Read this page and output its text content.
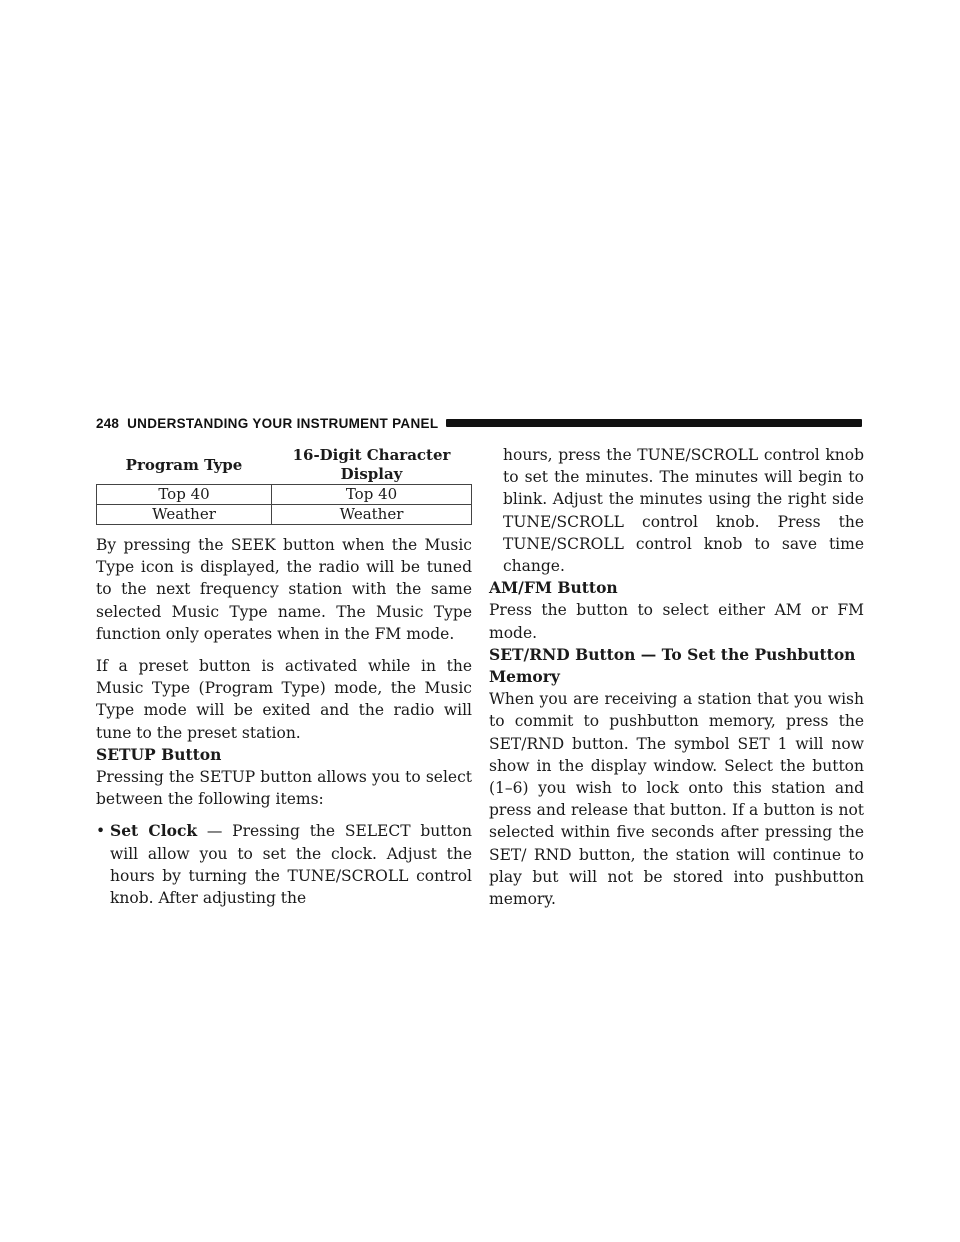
248 UNDERSTANDING YOUR INSTRUMENT PANEL
Program Type	16-Digit Character Display
Top 40	Top 40
Weather	Weather

By pressing the SEEK button when the Music Type icon is displayed, the radio will be tuned to the next frequency station with the same selected Music Type name. The Music Type function only operates when in the FM mode.

If a preset button is activated while in the Music Type (Program Type) mode, the Music Type mode will be exited and the radio will tune to the preset station.

SETUP Button

Pressing the SETUP button allows you to select between the following items:

• Set Clock — Pressing the SELECT button will allow you to set the clock. Adjust the hours by turning the TUNE/SCROLL control knob. After adjusting the

hours, press the TUNE/SCROLL control knob to set the minutes. The minutes will begin to blink. Adjust the minutes using the right side TUNE/SCROLL control knob. Press the TUNE/SCROLL control knob to save time change.

AM/FM Button

Press the button to select either AM or FM mode.

SET/RND Button — To Set the Pushbutton Memory

When you are receiving a station that you wish to commit to pushbutton memory, press the SET/RND button. The symbol SET 1 will now show in the display window. Select the button (1–6) you wish to lock onto this station and press and release that button. If a button is not selected within five seconds after pressing the SET/ RND button, the station will continue to play but will not be stored into pushbutton memory.
